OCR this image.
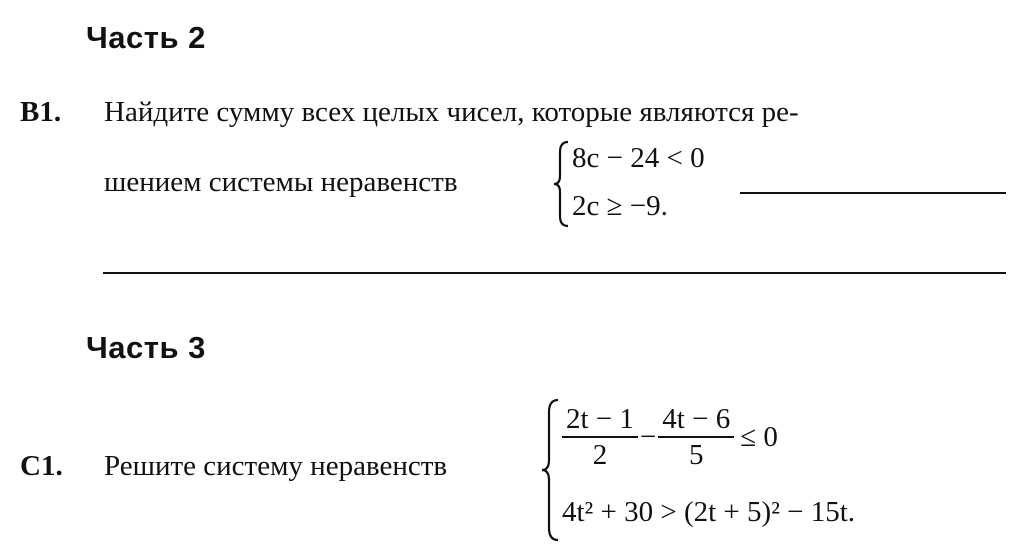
Часть 2
B1. Найдите сумму всех целых чисел, которые являются ре-
шением системы неравенств
8c − 24 < 0
2c ≥ −9.
Часть 3
C1. Решите систему неравенств	$\frac{2t - 1}{2} - \frac{4t - 6}{5} \le 0$
4t² + 30 > (2t + 5)² − 15t.
